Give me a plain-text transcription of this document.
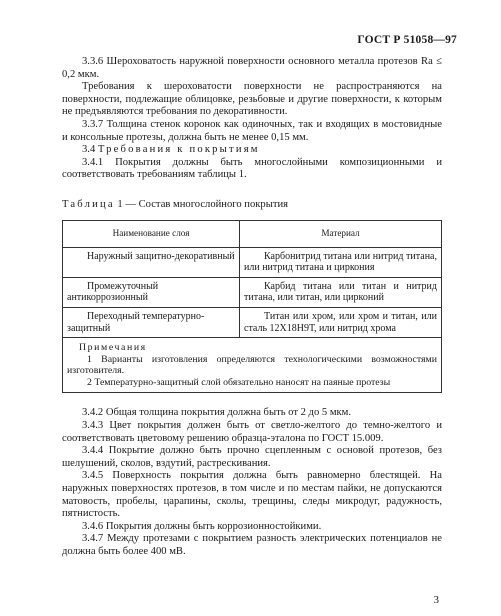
ГОСТ Р 51058—97

3.3.6 Шероховатость наружной поверхности основного металла протезов Ra ≤ 0,2 мкм.

Требования к шероховатости поверхности не распространяются на поверхности, подлежащие облицовке, резьбовые и другие поверхности, к которым не предъявляются требования по декоративности.

3.3.7 Толщина стенок коронок как одиночных, так и входящих в мостовидные и консольные протезы, должна быть не менее 0,15 мм.

3.4 Требования к покрытиям

3.4.1 Покрытия должны быть многослойными композиционными и соответствовать требованиям таблицы 1.

Таблица 1 — Состав многослойного покрытия

Наименование слоя	Материал
Наружный защитно-декоративный	Карбонитрид титана или нитрид титана, или нитрид титана и циркония
Промежуточный антикоррозионный	Карбид титана или титан и нитрид титана, или титан, или цирконий
Переходный температурно-защитный	Титан или хром, или хром и титан, или сталь 12Х18Н9Т, или нитрид хрома

Примечания
1 Варианты изготовления определяются технологическими возможностями изготовителя.
2 Температурно-защитный слой обязательно наносят на паяные протезы	

3.4.2 Общая толщина покрытия должна быть от 2 до 5 мкм.

3.4.3 Цвет покрытия должен быть от светло-желтого до темно-желтого и соответствовать цветовому решению образца-эталона по ГОСТ 15.009.

3.4.4 Покрытие должно быть прочно сцепленным с основой протезов, без шелушений, сколов, вздутий, растрескивания.

3.4.5 Поверхность покрытия должна быть равномерно блестящей. На наружных поверхностях протезов, в том числе и по местам пайки, не допускаются матовость, пробелы, царапины, сколы, трещины, следы микродуг, радужность, пятнистость.

3.4.6 Покрытия должны быть коррозионностойкими.

3.4.7 Между протезами с покрытием разность электрических потенциалов не должна быть более 400 мВ.

3
